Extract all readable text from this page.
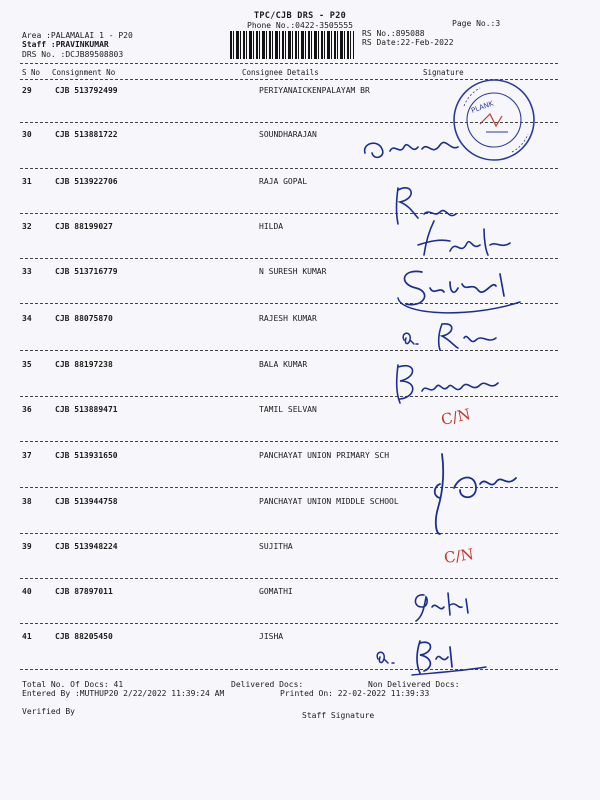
TPC/CJB DRS - P20
Phone No.:0422-3505555	Page No.:3
Area :PALAMALAI 1 - P20
Staff :PRAVINKUMAR
DRS No. :DCJB89508803
RS No.:895088
RS Date:22-Feb-2022
S No Consignment No	Consignee Details	Signature
29	CJB 513792499	PERIYANAICKENPALAYAM BR
30	CJB 513881722	SOUNDHARAJAN
31	CJB 513922706	RAJA GOPAL
32	CJB 88199027	HILDA
33	CJB 513716779	N SURESH KUMAR
34	CJB 88075870	RAJESH KUMAR
35	CJB 88197238	BALA KUMAR
36	CJB 513889471	TAMIL SELVAN
37	CJB 513931650	PANCHAYAT UNION PRIMARY SCH
38	CJB 513944758	PANCHAYAT UNION MIDDLE SCHOOL
39	CJB 513948224	SUJITHA
40	CJB 87897011	GOMATHI
41	CJB 88205450	JISHA
PLANK
C/N
C/N
Total No. Of Docs: 41	Delivered Docs:	Non Delivered Docs:
Entered By :MUTHUP20 2/22/2022 11:39:24 AM	Printed On: 22-02-2022 11:39:33
Verified By	Staff Signature
